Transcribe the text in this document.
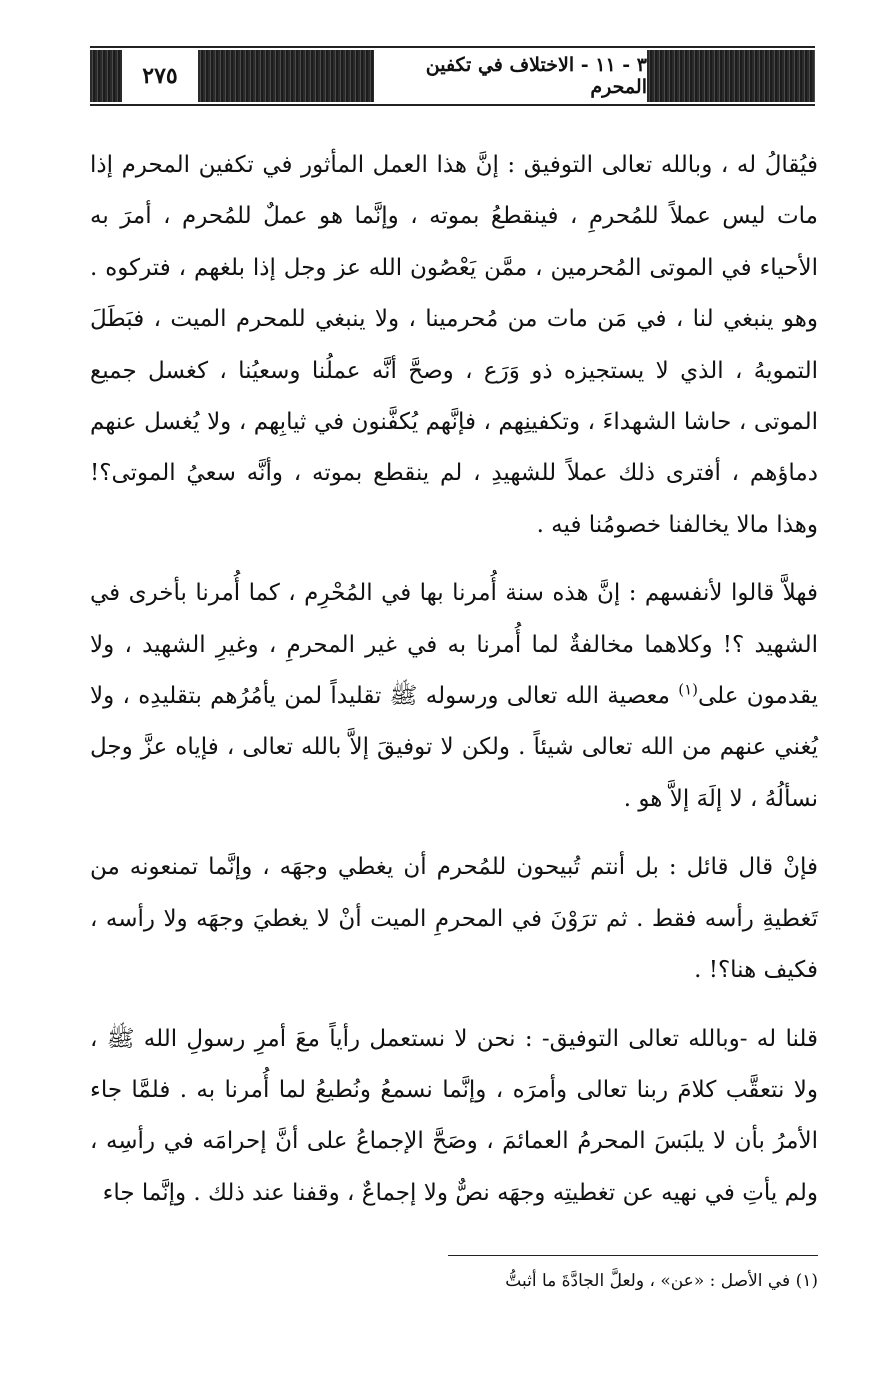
٢٧٥	٣ - ١١ - الاختلاف في تكفين المحرم

فيُقالُ له ، وبالله تعالى التوفيق : إنَّ هذا العمل المأثور في تكفين المحرم إذا مات ليس عملاً للمُحرمِ ، فينقطعُ بموته ، وإنَّما هو عملٌ للمُحرم ، أمرَ به الأحياء في الموتى المُحرمين ، ممَّن يَعْصُون الله عز وجل إذا بلغهم ، فتركوه . وهو ينبغي لنا ، في مَن مات من مُحرمينا ، ولا ينبغي للمحرم الميت ، فبَطَلَ التمويهُ ، الذي لا يستجيزه ذو وَرَع ، وصحَّ أنَّه عملُنا وسعيُنا ، كغسل جميع الموتى ، حاشا الشهداءَ ، وتكفينِهم ، فإنَّهم يُكفَّنون في ثيابِهم ، ولا يُغسل عنهم دماؤهم ، أفترى ذلك عملاً للشهيدِ ، لم ينقطع بموته ، وأنَّه سعيُ الموتى؟! وهذا مالا يخالفنا خصومُنا فيه .

فهلاَّ قالوا لأنفسهم : إنَّ هذه سنة أُمرنا بها في المُحْرِم ، كما أُمرنا بأخرى في الشهيد ؟! وكلاهما مخالفةٌ لما أُمرنا به في غير المحرمِ ، وغيرِ الشهيد ، ولا يقدمون على$^{(١)}$ معصية الله تعالى ورسوله ﷺ تقليداً لمن يأمُرُهم بتقليدِه ، ولا يُغني عنهم من الله تعالى شيئاً . ولكن لا توفيقَ إلاَّ بالله تعالى ، فإياه عزَّ وجل نسألُهُ ، لا إلَهَ إلاَّ هو .

فإنْ قال قائل : بل أنتم تُبيحون للمُحرم أن يغطي وجهَه ، وإنَّما تمنعونه من تَغطيةِ رأسه فقط . ثم ترَوْنَ في المحرمِ الميت أنْ لا يغطيَ وجهَه ولا رأسه ، فكيف هنا؟! .

قلنا له -وبالله تعالى التوفيق- : نحن لا نستعمل رأياً معَ أمرِ رسولِ الله ﷺ ، ولا نتعقَّب كلامَ ربنا تعالى وأمرَه ، وإنَّما نسمعُ ونُطيعُ لما أُمرنا به . فلمَّا جاء الأمرُ بأن لا يلبَسَ المحرمُ العمائمَ ، وصَحَّ الإجماعُ على أنَّ إحرامَه في رأسِه ، ولم يأتِ في نهيه عن تغطيتِه وجهَه نصٌّ ولا إجماعٌ ، وقفنا عند ذلك . وإنَّما جاء

(١) في الأصل : «عن» ، ولعلَّ الجادَّةَ ما أثبتُّ
